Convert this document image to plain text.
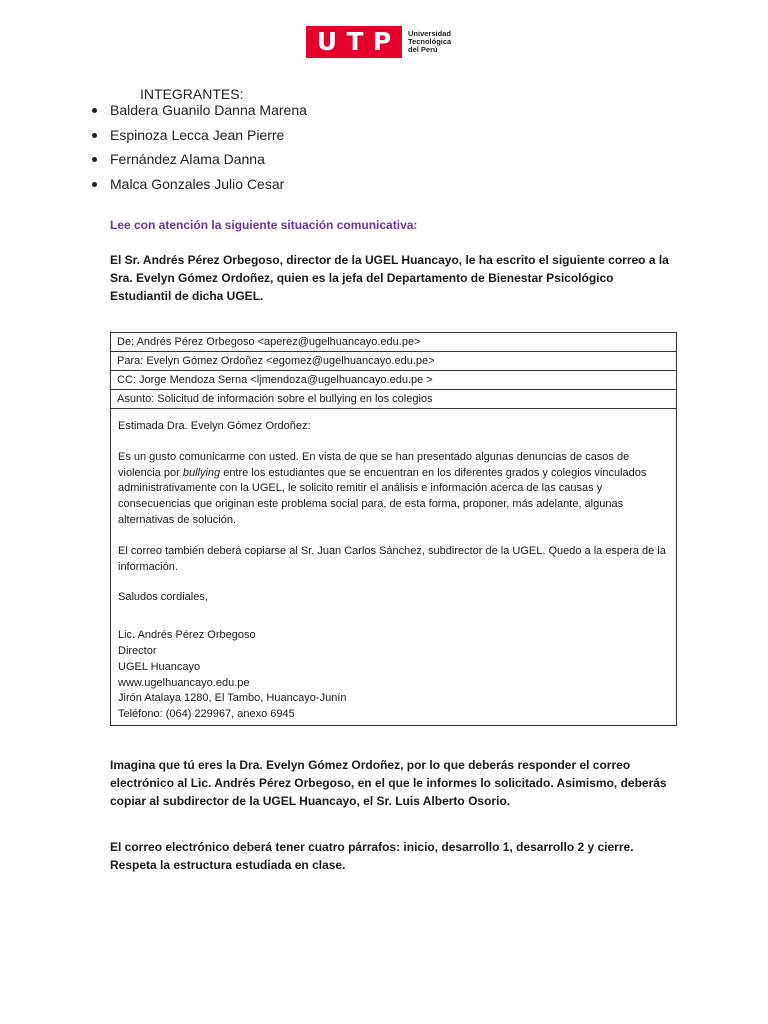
U T P Universidad
Tecnológica
del Perú
INTEGRANTES:
Baldera Guanilo Danna Marena
Espinoza Lecca Jean Pierre
Fernández Alama Danna
Malca Gonzales Julio Cesar
Lee con atención la siguiente situación comunicativa:
El Sr. Andrés Pérez Orbegoso, director de la UGEL Huancayo, le ha escrito el siguiente correo a la Sra. Evelyn Gómez Ordoñez, quien es la jefa del Departamento de Bienestar Psicológico Estudiantil de dicha UGEL.
De: Andrés Pérez Orbegoso <aperez@ugelhuancayo.edu.pe>
Para: Evelyn Gómez Ordoñez <egomez@ugelhuancayo.edu.pe>
CC: Jorge Mendoza Serna <ljmendoza@ugelhuancayo.edu.pe >
Asunto: Solicitud de información sobre el bullying en los colegios

Estimada Dra. Evelyn Gómez Ordoñez:

Es un gusto comunicarme con usted. En vista de que se han presentado algunas denuncias de casos de violencia por bullying entre los estudiantes que se encuentran en los diferentes grados y colegios vinculados administrativamente con la UGEL, le solicito remitir el análisis e información acerca de las causas y consecuencias que originan este problema social para, de esta forma, proponer, más adelante, algunas alternativas de solución.

El correo también deberá copiarse al Sr. Juan Carlos Sánchez, subdirector de la UGEL. Quedo a la espera de la información.

Saludos cordiales,

Lic. Andrés Pérez Orbegoso

Director

UGEL Huancayo

www.ugelhuancayo.edu.pe

Jirón Atalaya 1280, El Tambo, Huancayo-Junín

Teléfono: (064) 229967, anexo 6945

Imagina que tú eres la Dra. Evelyn Gómez Ordoñez, por lo que deberás responder el correo electrónico al Lic. Andrés Pérez Orbegoso, en el que le informes lo solicitado. Asimismo, deberás copiar al subdirector de la UGEL Huancayo, el Sr. Luis Alberto Osorio.
El correo electrónico deberá tener cuatro párrafos: inicio, desarrollo 1, desarrollo 2 y cierre. Respeta la estructura estudiada en clase.
